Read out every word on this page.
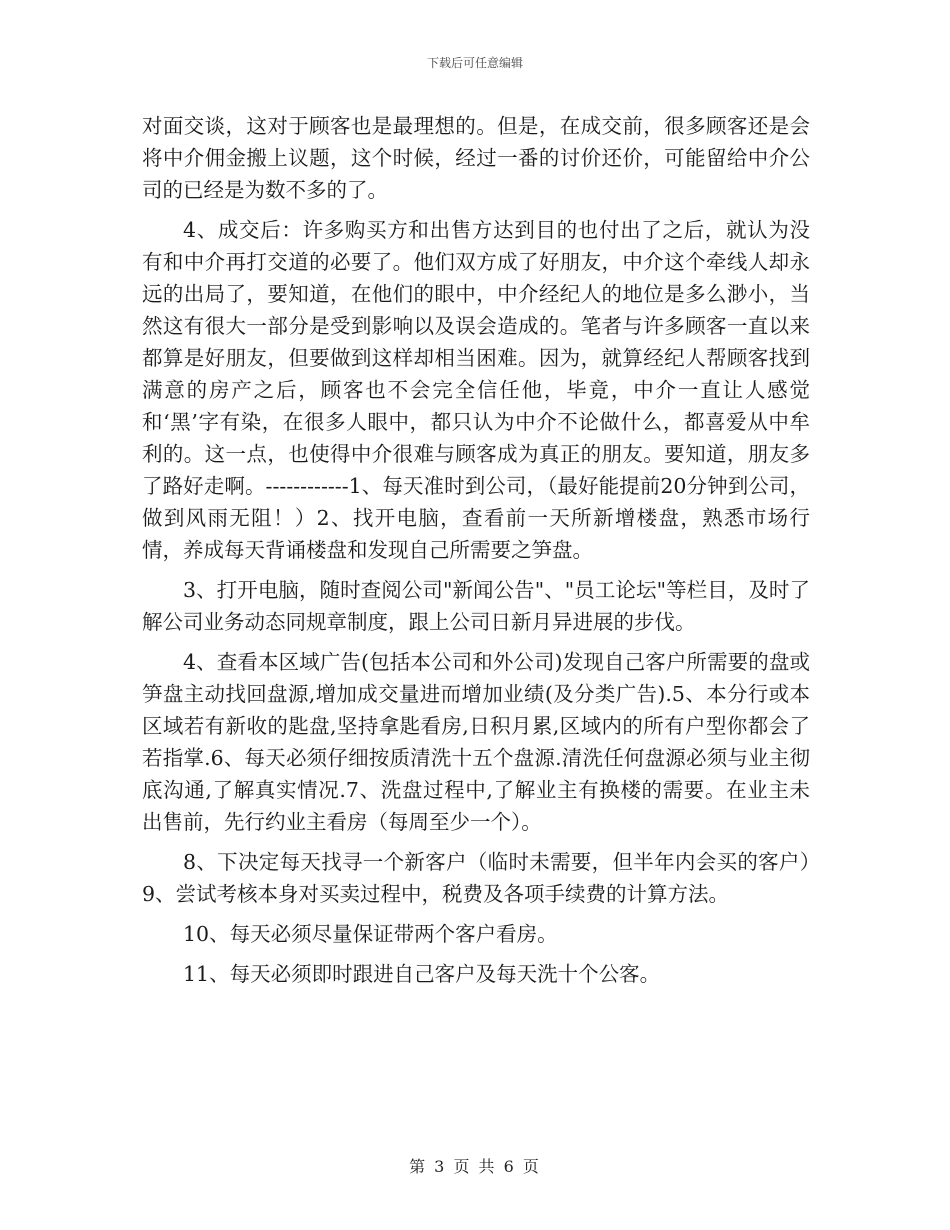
下载后可任意编辑

对面交谈，这对于顾客也是最理想的。但是，在成交前，很多顾客还是会将中介佣金搬上议题，这个时候，经过一番的讨价还价，可能留给中介公司的已经是为数不多的了。

4、成交后：许多购买方和出售方达到目的也付出了之后，就认为没有和中介再打交道的必要了。他们双方成了好朋友，中介这个牵线人却永远的出局了，要知道，在他们的眼中，中介经纪人的地位是多么渺小，当然这有很大一部分是受到影响以及误会造成的。笔者与许多顾客一直以来都算是好朋友，但要做到这样却相当困难。因为，就算经纪人帮顾客找到满意的房产之后，顾客也不会完全信任他，毕竟，中介一直让人感觉和‘黑’字有染，在很多人眼中，都只认为中介不论做什么，都喜爱从中牟利的。这一点，也使得中介很难与顾客成为真正的朋友。要知道，朋友多了路好走啊。------------1、每天准时到公司，（最好能提前20分钟到公司，做到风雨无阻！）2、找开电脑，查看前一天所新增楼盘，熟悉市场行情，养成每天背诵楼盘和发现自己所需要之笋盘。

3、打开电脑，随时查阅公司"新闻公告"、"员工论坛"等栏目，及时了解公司业务动态同规章制度，跟上公司日新月异进展的步伐。

4、查看本区域广告(包括本公司和外公司)发现自己客户所需要的盘或笋盘主动找回盘源,增加成交量进而增加业绩(及分类广告).5、本分行或本区域若有新收的匙盘,坚持拿匙看房,日积月累,区域内的所有户型你都会了若指掌.6、每天必须仔细按质清洗十五个盘源.清洗任何盘源必须与业主彻底沟通,了解真实情况.7、洗盘过程中,了解业主有换楼的需要。在业主未出售前，先行约业主看房（每周至少一个）。

8、下决定每天找寻一个新客户（临时未需要，但半年内会买的客户）9、尝试考核本身对买卖过程中，税费及各项手续费的计算方法。

10、每天必须尽量保证带两个客户看房。

11、每天必须即时跟进自己客户及每天洗十个公客。

第 3 页 共 6 页
